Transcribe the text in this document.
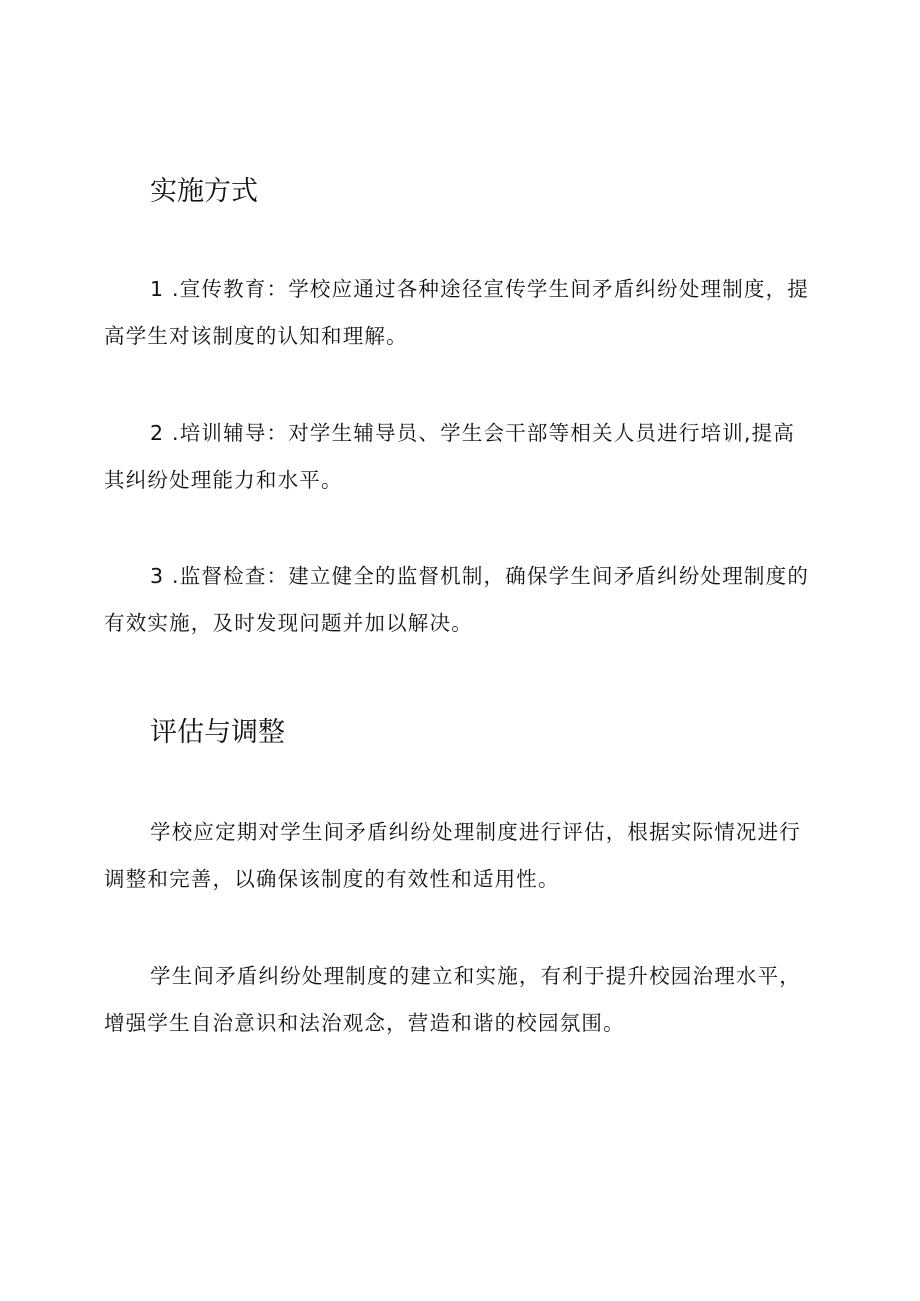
实施方式

1 .宣传教育：学校应通过各种途径宣传学生间矛盾纠纷处理制度，提高学生对该制度的认知和理解。

2 .培训辅导：对学生辅导员、学生会干部等相关人员进行培训,提高其纠纷处理能力和水平。

3 .监督检查：建立健全的监督机制，确保学生间矛盾纠纷处理制度的有效实施，及时发现问题并加以解决。

评估与调整

学校应定期对学生间矛盾纠纷处理制度进行评估，根据实际情况进行调整和完善，以确保该制度的有效性和适用性。

学生间矛盾纠纷处理制度的建立和实施，有利于提升校园治理水平，增强学生自治意识和法治观念，营造和谐的校园氛围。
